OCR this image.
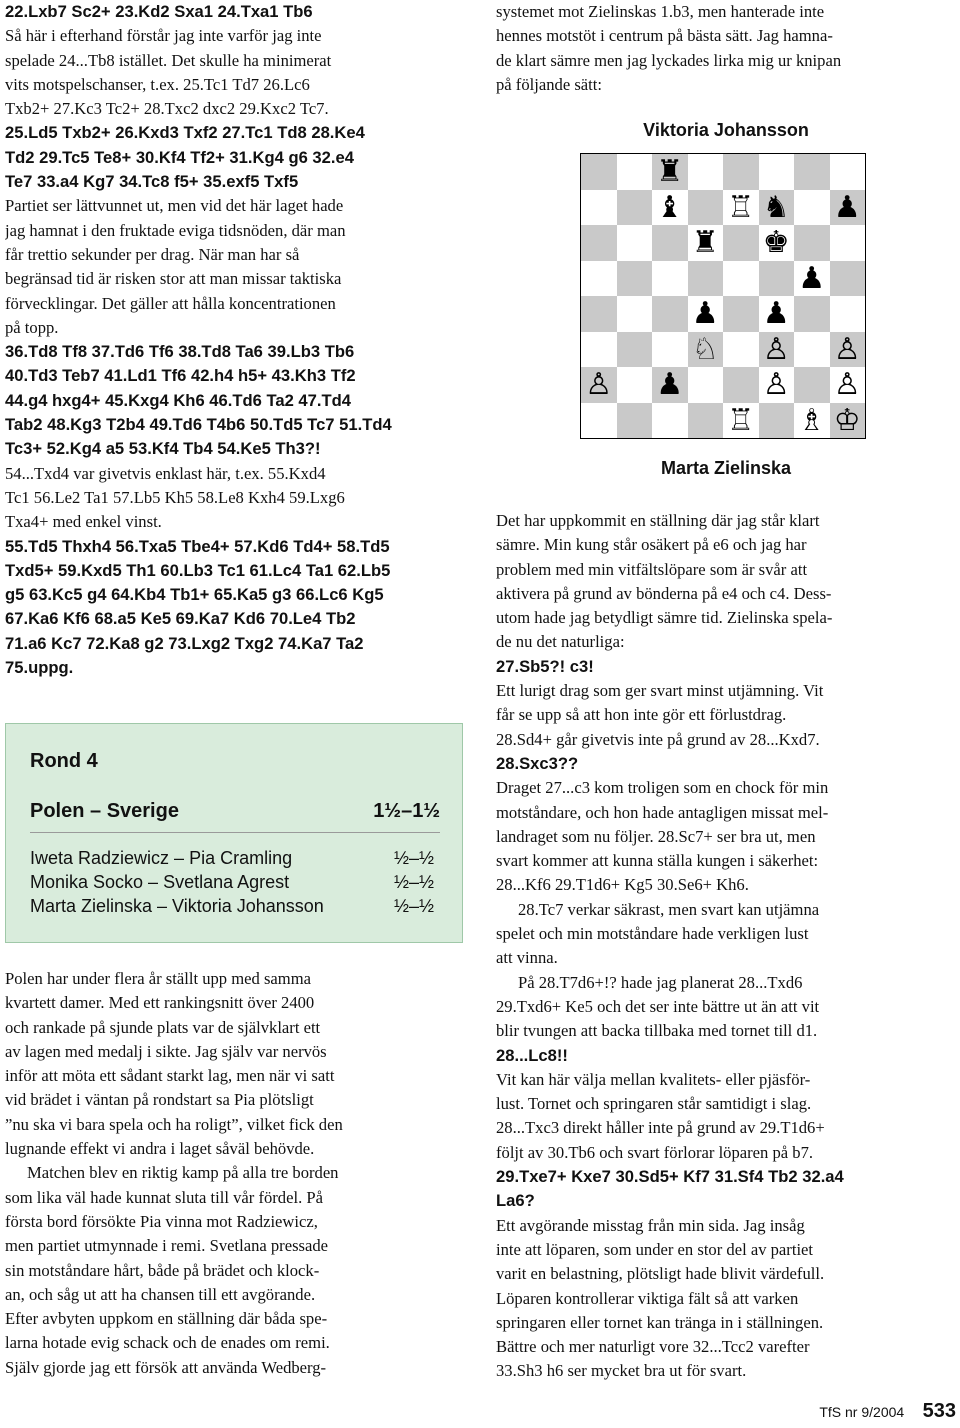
22.Lxb7 Sc2+ 23.Kd2 Sxa1 24.Txa1 Tb6

Så här i efterhand förstår jag inte varför jag inte
spelade 24...Tb8 istället. Det skulle ha minimerat
vits motspelschanser, t.ex. 25.Tc1 Td7 26.Lc6
Txb2+ 27.Kc3 Tc2+ 28.Txc2 dxc2 29.Kxc2 Tc7.
25.Ld5 Txb2+ 26.Kxd3 Txf2 27.Tc1 Td8 28.Ke4
Td2 29.Tc5 Te8+ 30.Kf4 Tf2+ 31.Kg4 g6 32.e4
Te7 33.a4 Kg7 34.Tc8 f5+ 35.exf5 Txf5
Partiet ser lättvunnet ut, men vid det här laget hade
jag hamnat i den fruktade eviga tidsnöden, där man
får trettio sekunder per drag. När man har så
begränsad tid är risken stor att man missar taktiska
förvecklingar. Det gäller att hålla koncentrationen
på topp.
36.Td8 Tf8 37.Td6 Tf6 38.Td8 Ta6 39.Lb3 Tb6
40.Td3 Teb7 41.Ld1 Tf6 42.h4 h5+ 43.Kh3 Tf2
44.g4 hxg4+ 45.Kxg4 Kh6 46.Td6 Ta2 47.Td4
Tab2 48.Kg3 T2b4 49.Td6 T4b6 50.Td5 Tc7 51.Td4
Tc3+ 52.Kg4 a5 53.Kf4 Tb4 54.Ke5 Th3?!
54...Txd4 var givetvis enklast här, t.ex. 55.Kxd4
Tc1 56.Le2 Ta1 57.Lb5 Kh5 58.Le8 Kxh4 59.Lxg6
Txa4+ med enkel vinst.
55.Td5 Thxh4 56.Txa5 Tbe4+ 57.Kd6 Td4+ 58.Td5
Txd5+ 59.Kxd5 Th1 60.Lb3 Tc1 61.Lc4 Ta1 62.Lb5
g5 63.Kc5 g4 64.Kb4 Tb1+ 65.Ka5 g3 66.Lc6 Kg5
67.Ka6 Kf6 68.a5 Ke5 69.Ka7 Kd6 70.Le4 Tb2
71.a6 Kc7 72.Ka8 g2 73.Lxg2 Txg2 74.Ka7 Ta2
75.uppg.
Rond 4
Polen – Sverige	1½–1½
Iweta Radziewicz – Pia Cramling	½–½
Monika Socko – Svetlana Agrest	½–½
Marta Zielinska – Viktoria Johansson	½–½
Polen har under flera år ställt upp med samma
kvartett damer. Med ett rankingsnitt över 2400
och rankade på sjunde plats var de självklart ett
av lagen med medalj i sikte. Jag själv var nervös
inför att möta ett sådant starkt lag, men när vi satt
vid brädet i väntan på rondstart sa Pia plötsligt
”nu ska vi bara spela och ha roligt”, vilket fick den
lugnande effekt vi andra i laget såväl behövde.
Matchen blev en riktig kamp på alla tre borden
som lika väl hade kunnat sluta till vår fördel. På
första bord försökte Pia vinna mot Radziewicz,
men partiet utmynnade i remi. Svetlana pressade
sin motståndare hårt, både på brädet och klock-
an, och såg ut att ha chansen till ett avgörande.
Efter avbyten uppkom en ställning där båda spe-
larna hotade evig schack och de enades om remi.
Själv gjorde jag ett försök att använda Wedberg-
systemet mot Zielinskas 1.b3, men hanterade inte
hennes motstöt i centrum på bästa sätt. Jag hamna-
de klart sämre men jag lyckades lirka mig ur knipan
på följande sätt:
Viktoria Johansson
♜
♝ ♖ ♞ ♟
♜ ♚
♟
♟ ♟
♘ ♙ ♙
♙ ♟	♙ ♙
♖ ♗ ♔
Marta Zielinska
Det har uppkommit en ställning där jag står klart
sämre. Min kung står osäkert på e6 och jag har
problem med min vitfältslöpare som är svår att
aktivera på grund av bönderna på e4 och c4. Dess-
utom hade jag betydligt sämre tid. Zielinska spela-
de nu det naturliga:

27.Sb5?! c3!

Ett lurigt drag som ger svart minst utjämning. Vit
får se upp så att hon inte gör ett förlustdrag.
28.Sd4+ går givetvis inte på grund av 28...Kxd7.

28.Sxc3??

Draget 27...c3 kom troligen som en chock för min
motståndare, och hon hade antagligen missat mel-
landraget som nu följer. 28.Sc7+ ser bra ut, men
svart kommer att kunna ställa kungen i säkerhet:
28...Kf6 29.T1d6+ Kg5 30.Se6+ Kh6.
28.Tc7 verkar säkrast, men svart kan utjämna
spelet och min motståndare hade verkligen lust
att vinna.
På 28.T7d6+!? hade jag planerat 28...Txd6
29.Txd6+ Ke5 och det ser inte bättre ut än att vit
blir tvungen att backa tillbaka med tornet till d1.

28...Lc8!!

Vit kan här välja mellan kvalitets- eller pjäsför-
lust. Tornet och springaren står samtidigt i slag.
28...Txc3 direkt håller inte på grund av 29.T1d6+
följt av 30.Tb6 och svart förlorar löparen på b7.
29.Txe7+ Kxe7 30.Sd5+ Kf7 31.Sf4 Tb2 32.a4
La6?
Ett avgörande misstag från min sida. Jag insåg
inte att löparen, som under en stor del av partiet
varit en belastning, plötsligt hade blivit värdefull.
Löparen kontrollerar viktiga fält så att varken
springaren eller tornet kan tränga in i ställningen.
Bättre och mer naturligt vore 32...Tcc2 varefter
33.Sh3 h6 ser mycket bra ut för svart.
TfS nr 9/2004 533
